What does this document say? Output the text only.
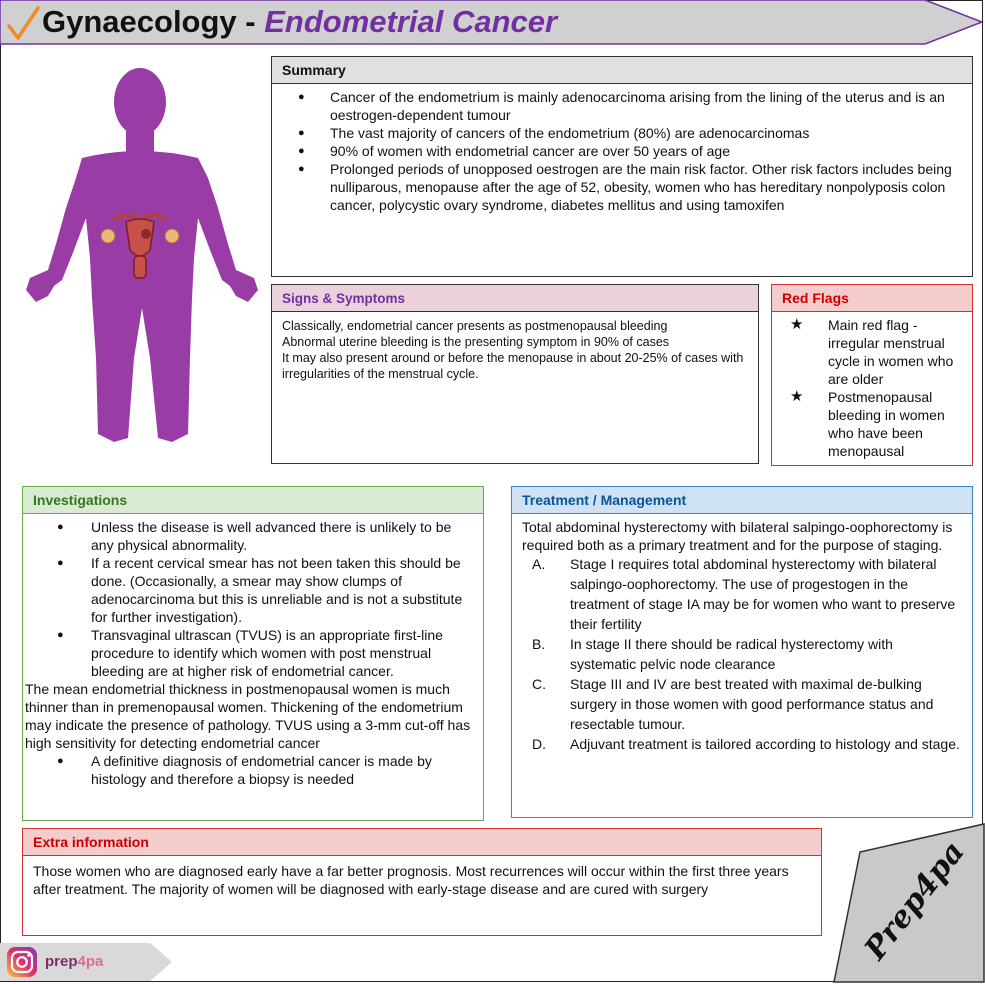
Gynaecology - Endometrial Cancer
Summary
● Cancer of the endometrium is mainly adenocarcinoma arising from the lining of the uterus and is an oestrogen-dependent tumour
● The vast majority of cancers of the endometrium (80%) are adenocarcinomas
● 90% of women with endometrial cancer are over 50 years of age
● Prolonged periods of unopposed oestrogen are the main risk factor. Other risk factors includes being nulliparous, menopause after the age of 52, obesity, women who has hereditary nonpolyposis colon cancer, polycystic ovary syndrome, diabetes mellitus and using tamoxifen
Signs & Symptoms
Classically, endometrial cancer presents as postmenopausal bleeding
Abnormal uterine bleeding is the presenting symptom in 90% of cases
It may also present around or before the menopause in about 20-25% of cases with irregularities of the menstrual cycle.
Red Flags
★ Main red flag - irregular menstrual cycle in women who are older
★ Postmenopausal bleeding in women who have been menopausal
Investigations
● Unless the disease is well advanced there is unlikely to be any physical abnormality.
● If a recent cervical smear has not been taken this should be done. (Occasionally, a smear may show clumps of adenocarcinoma but this is unreliable and is not a substitute for further investigation).
● Transvaginal ultrascan (TVUS) is an appropriate first-line procedure to identify which women with post menstrual bleeding are at higher risk of endometrial cancer.
The mean endometrial thickness in postmenopausal women is much thinner than in premenopausal women. Thickening of the endometrium may indicate the presence of pathology. TVUS using a 3-mm cut-off has high sensitivity for detecting endometrial cancer
● A definitive diagnosis of endometrial cancer is made by histology and therefore a biopsy is needed
Treatment / Management
Total abdominal hysterectomy with bilateral salpingo-oophorectomy is required both as a primary treatment and for the purpose of staging.
A. Stage I requires total abdominal hysterectomy with bilateral salpingo-oophorectomy. The use of progestogen in the treatment of stage IA may be for women who want to preserve their fertility
B. In stage II there should be radical hysterectomy with systematic pelvic node clearance
C. Stage III and IV are best treated with maximal de-bulking surgery in those women with good performance status and resectable tumour.
D. Adjuvant treatment is tailored according to histology and stage.
Extra information
Those women who are diagnosed early have a far better prognosis. Most recurrences will occur within the first three years after treatment. The majority of women will be diagnosed with early-stage disease and are cured with surgery
prep4pa	Prep4pa
